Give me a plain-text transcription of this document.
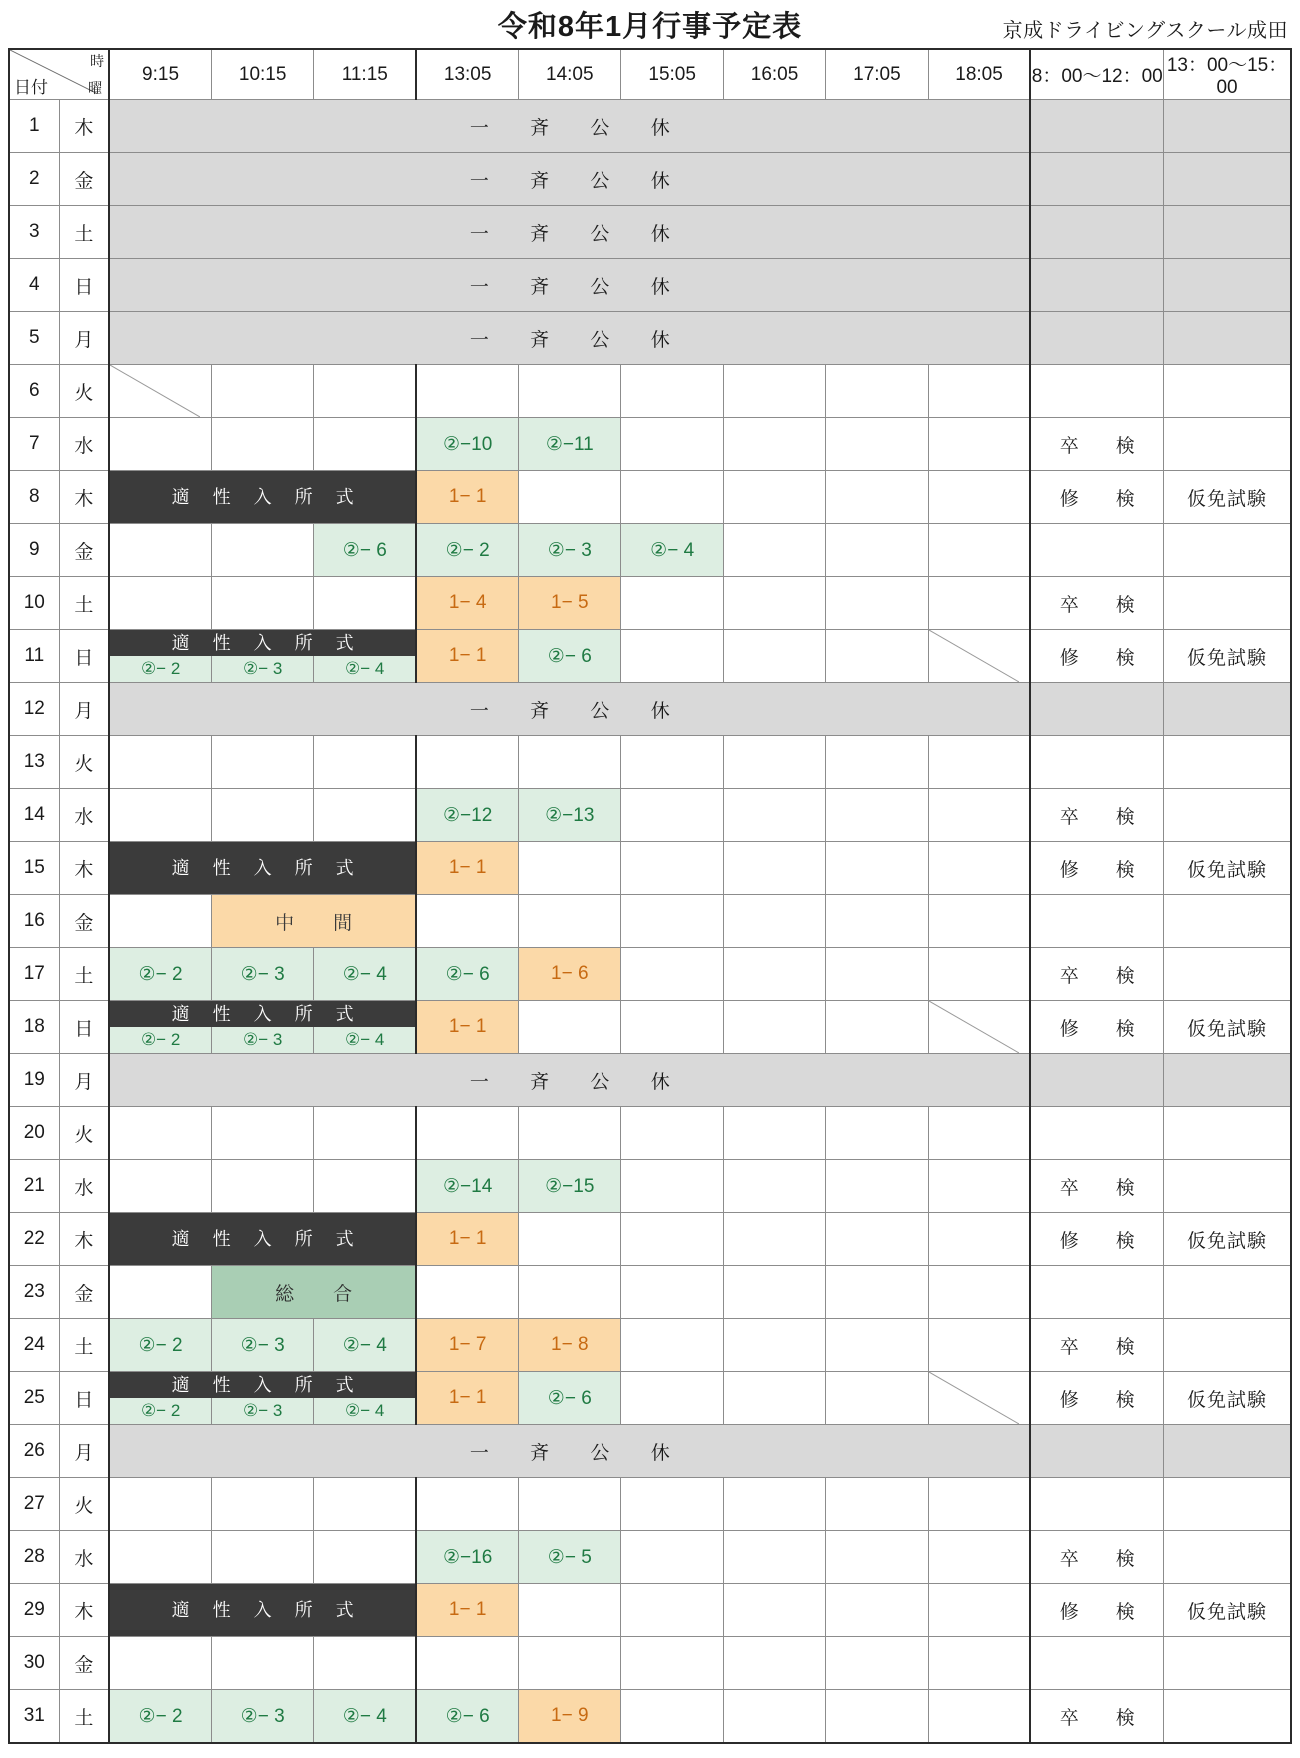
令和8年1月行事予定表	京成ドライビングスクール成田
日付
時
曜		9:15	10:15	11:15	13:05	14:05	15:05	16:05	17:05	18:05	8：00〜12：00	13：00〜15：00
1	木	一 斉 公 休										
2	金	一 斉 公 休										
3	土	一 斉 公 休										
4	日	一 斉 公 休										
5	月	一 斉 公 休										
6	火	

7	水				②−10	②−11					卒　検	
8	木	適 性 入 所 式			1− 1						修　検	仮免試験
9	金			②− 6	②− 2	②− 3	②− 4					
10	土				1− 4	1− 5					卒　検	
11	日	適 性 入 所 式
②− 2 ②− 3 ②− 4			1− 1	②− 6					修　検	仮免試験
12	月	一 斉 公 休										
13	火											
14	水				②−12	②−13					卒　検	
15	木	適 性 入 所 式			1− 1						修　検	仮免試験
16	金		中　間									
17	土	②− 2	②− 3	②− 4	②− 6	1− 6					卒　検	
18	日	適 性 入 所 式
②− 2 ②− 3 ②− 4			1− 1						修　検	仮免試験
19	月	一 斉 公 休										
20	火											
21	水				②−14	②−15					卒　検	
22	木	適 性 入 所 式			1− 1						修　検	仮免試験
23	金		総　合									
24	土	②− 2	②− 3	②− 4	1− 7	1− 8					卒　検	
25	日	適 性 入 所 式
②− 2 ②− 3 ②− 4			1− 1	②− 6					修　検	仮免試験
26	月	一 斉 公 休										
27	火											
28	水				②−16	②− 5					卒　検	
29	木	適 性 入 所 式			1− 1						修　検	仮免試験
30	金											
31	土	②− 2	②− 3	②− 4	②− 6	1− 9					卒　検	
